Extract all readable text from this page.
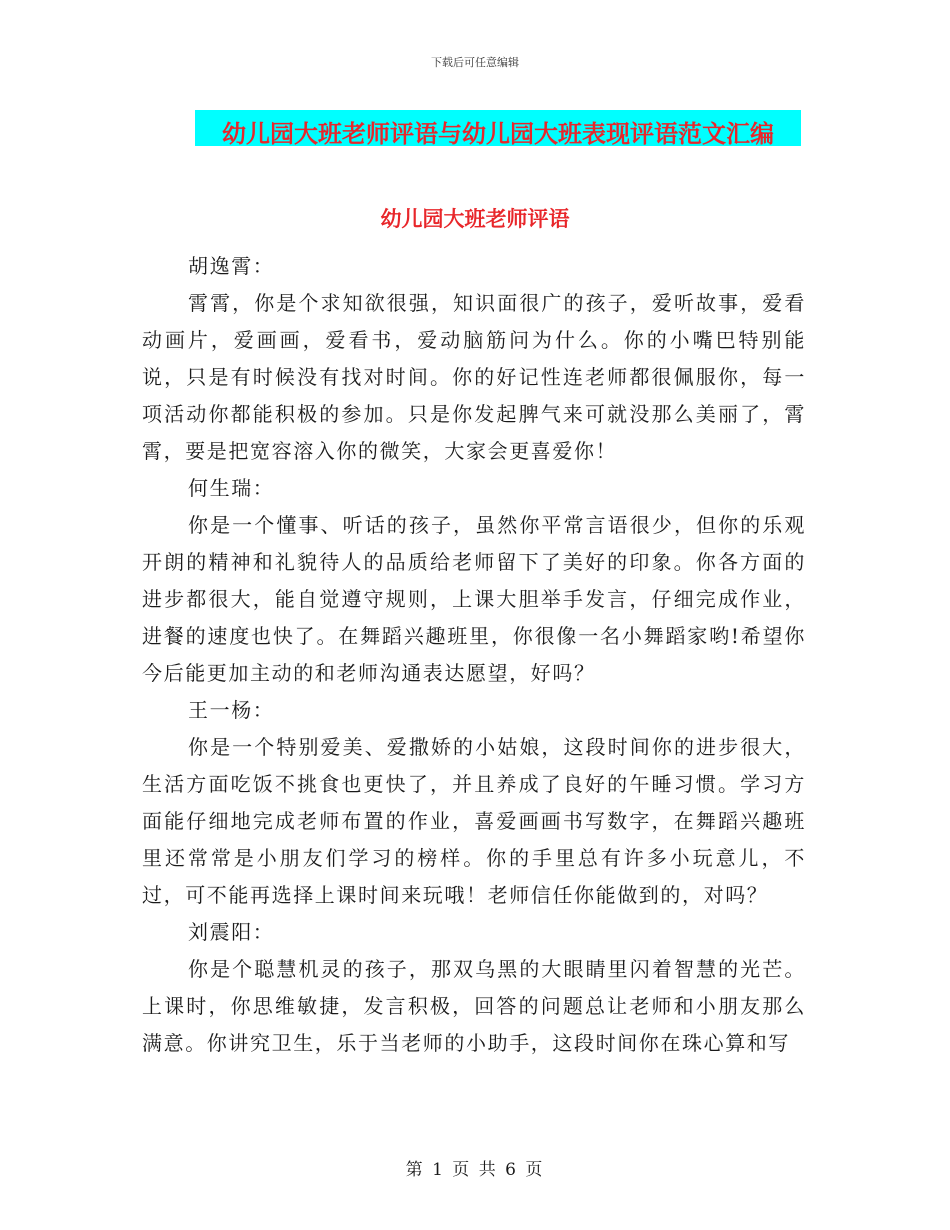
下载后可任意编辑
幼儿园大班老师评语与幼儿园大班表现评语范文汇编
幼儿园大班老师评语

胡逸霄：

霄霄，你是个求知欲很强，知识面很广的孩子，爱听故事，爱看动画片，爱画画，爱看书，爱动脑筋问为什么。你的小嘴巴特别能说，只是有时候没有找对时间。你的好记性连老师都很佩服你，每一项活动你都能积极的参加。只是你发起脾气来可就没那么美丽了，霄霄，要是把宽容溶入你的微笑，大家会更喜爱你！

何生瑞：

你是一个懂事、听话的孩子，虽然你平常言语很少，但你的乐观开朗的精神和礼貌待人的品质给老师留下了美好的印象。你各方面的进步都很大，能自觉遵守规则，上课大胆举手发言，仔细完成作业，进餐的速度也快了。在舞蹈兴趣班里，你很像一名小舞蹈家哟!希望你今后能更加主动的和老师沟通表达愿望，好吗？

王一杨：

你是一个特别爱美、爱撒娇的小姑娘，这段时间你的进步很大，生活方面吃饭不挑食也更快了，并且养成了良好的午睡习惯。学习方面能仔细地完成老师布置的作业，喜爱画画书写数字，在舞蹈兴趣班里还常常是小朋友们学习的榜样。你的手里总有许多小玩意儿，不过，可不能再选择上课时间来玩哦！老师信任你能做到的，对吗？

刘震阳：

你是个聪慧机灵的孩子，那双乌黑的大眼睛里闪着智慧的光芒。上课时，你思维敏捷，发言积极，回答的问题总让老师和小朋友那么满意。你讲究卫生，乐于当老师的小助手，这段时间你在珠心算和写

第 1 页 共 6 页
